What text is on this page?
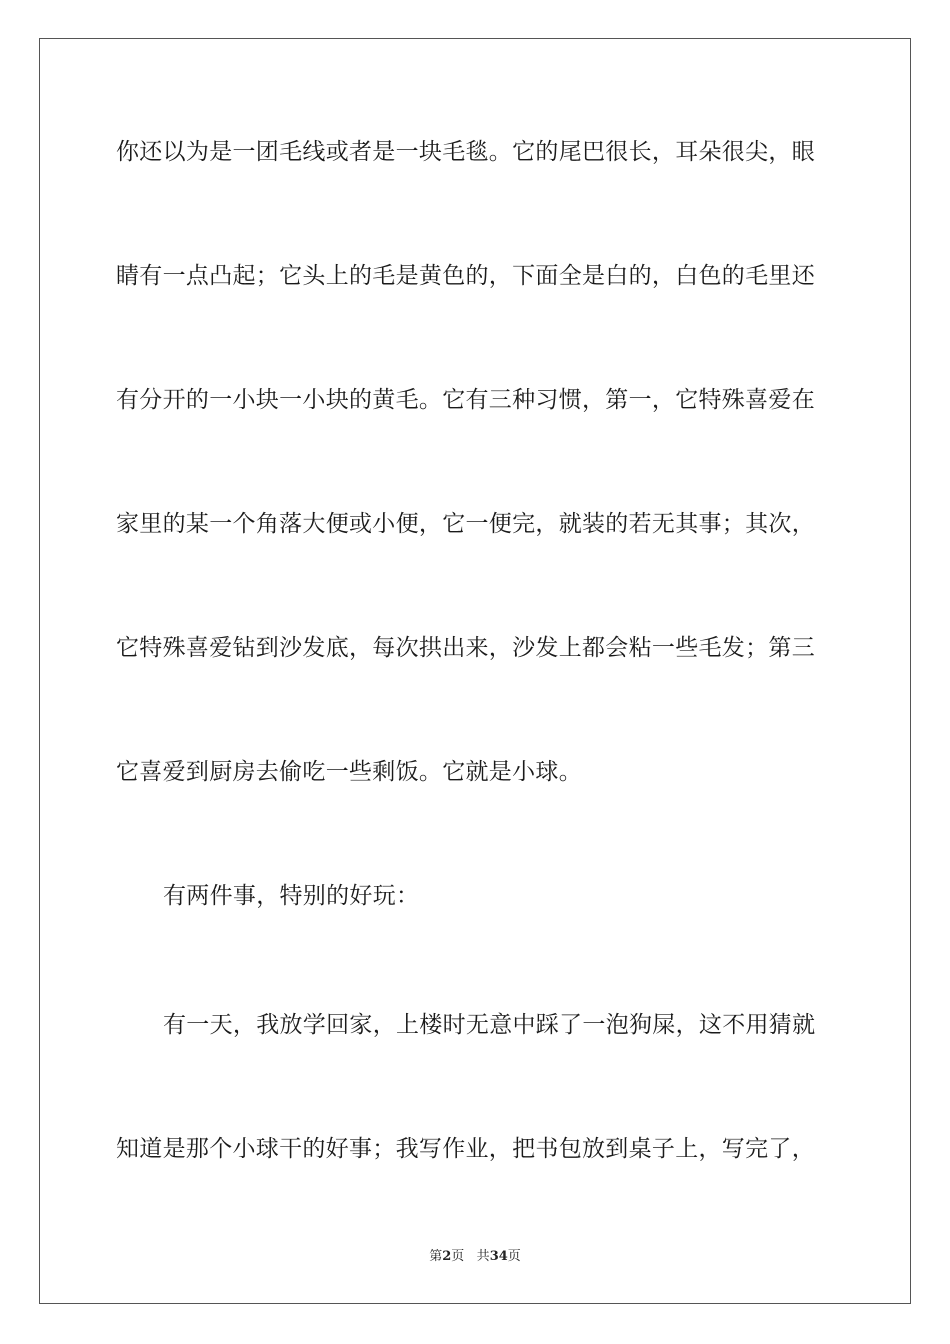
你还以为是一团毛线或者是一块毛毯。它的尾巴很长，耳朵很尖，眼
睛有一点凸起；它头上的毛是黄色的，下面全是白的，白色的毛里还
有分开的一小块一小块的黄毛。它有三种习惯，第一，它特殊喜爱在
家里的某一个角落大便或小便，它一便完，就装的若无其事；其次，
它特殊喜爱钻到沙发底，每次拱出来，沙发上都会粘一些毛发；第三
它喜爱到厨房去偷吃一些剩饭。它就是小球。
有两件事，特别的好玩：
有一天，我放学回家，上楼时无意中踩了一泡狗屎，这不用猜就
知道是那个小球干的好事；我写作业，把书包放到桌子上，写完了，
第2页 共34页
